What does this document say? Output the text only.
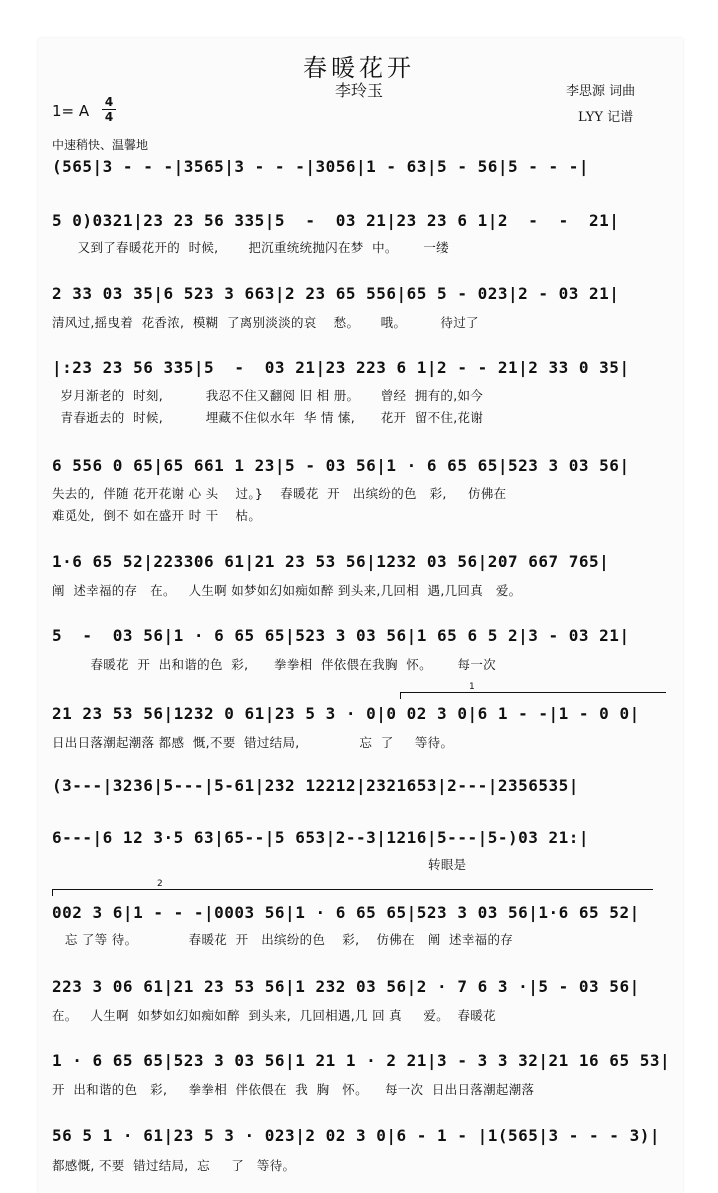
春暖花开
李玲玉	李思源 词曲
LYY 记谱
1= A 4
4
中速稍快、温馨地
(565|3 - - -|3565|3 - - -|3056|1 - 63|5 - 56|5 - - -|
5 0)0321|23 23 56 335|5  -  03 21|23 23 6 1|2  -  -  21|
又到了春暖花开的  时候,       把沉重统统抛闪在梦  中。      一缕
2 33 03 35|6 523 3 663|2 23 65 556|65 5 - 023|2 - 03 21|
清风过,摇曳着  花香浓,  模糊  了离别淡淡的哀    愁。     哦。        待过了
|:23 23 56 335|5  -  03 21|23 223 6 1|2 - - 21|2 33 0 35|
岁月渐老的  时刻,          我忍不住又翻阅 旧 相 册。     曾经  拥有的,如今
青春逝去的  时候,          埋藏不住似水年  华 情 愫,      花开  留不住,花谢
6 556 0 65|65 661 1 23|5 - 03 56|1 · 6 65 65|523 3 03 56|
失去的,  伴随 花开花谢 心 头    过。}    春暖花  开   出缤纷的色   彩,     仿佛在
难觅处,  倒不 如在盛开 时 干    枯。
1·6 65 52|223306 61|21 23 53 56|1232 03 56|207 667 765|
阐  述幸福的存   在。   人生啊 如梦如幻如痴如醉 到头来,几回相  遇,几回真   爱。
5  -  03 56|1 · 6 65 65|523 3 03 56|1 65 6 5 2|3 - 03 21|
春暖花  开  出和谐的色  彩,      拳拳相  伴依偎在我胸  怀。      每一次
1
21 23 53 56|1232 0 61|23 5 3 · 0|0 02 3 0|6 1 - -|1 - 0 0|
日出日落潮起潮落 都感  慨,不要  错过结局,              忘  了     等待。
(3---|3236|5---|5-61|232 12212|2321653|2---|2356535|
6---|6 12 3·5 63|65--|5 653|2--3|1216|5---|5-)03 21:|
转眼是
2
002 3 6|1 - - -|0003 56|1 · 6 65 65|523 3 03 56|1·6 65 52|
忘 了等 待。            春暖花  开   出缤纷的色    彩,    仿佛在   阐  述幸福的存
223 3 06 61|21 23 53 56|1 232 03 56|2 · 7 6 3 ·|5 - 03 56|
在。   人生啊  如梦如幻如痴如醉  到头来,  几回相遇,几 回 真     爱。  春暖花
1 · 6 65 65|523 3 03 56|1 21 1 · 2 21|3 - 3 3 32|21 16 65 53|
开  出和谐的色   彩,     拳拳相  伴依偎在  我  胸   怀。    每一次  日出日落潮起潮落
56 5 1 · 61|23 5 3 · 023|2 02 3 0|6 - 1 - |1(565|3 - - - 3)|
都感慨, 不要  错过结局,  忘     了   等待。
